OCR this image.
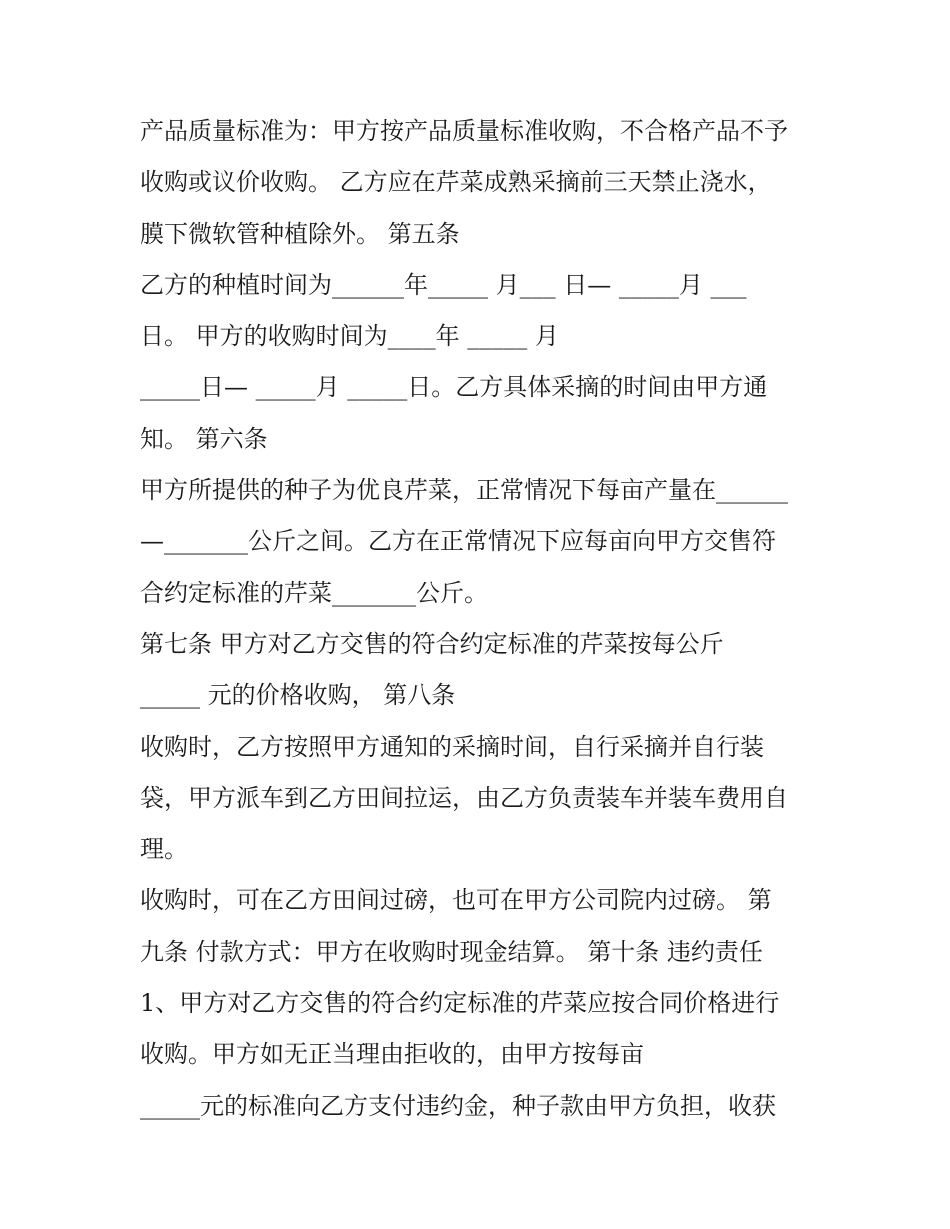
产品质量标准为：甲方按产品质量标准收购，不合格产品不予
收购或议价收购。 乙方应在芹菜成熟采摘前三天禁止浇水，
膜下微软管种植除外。 第五条
乙方的种植时间为______年_____ 月___ 日— _____月 ___
日。 甲方的收购时间为____年 _____ 月
_____日— _____月 _____日。乙方具体采摘的时间由甲方通
知。 第六条
甲方所提供的种子为优良芹菜，正常情况下每亩产量在______
—_______公斤之间。乙方在正常情况下应每亩向甲方交售符
合约定标准的芹菜_______公斤。
第七条 甲方对乙方交售的符合约定标准的芹菜按每公斤
_____ 元的价格收购， 第八条
收购时，乙方按照甲方通知的采摘时间，自行采摘并自行装
袋，甲方派车到乙方田间拉运，由乙方负责装车并装车费用自
理。
收购时，可在乙方田间过磅，也可在甲方公司院内过磅。 第
九条 付款方式：甲方在收购时现金结算。 第十条 违约责任
1、甲方对乙方交售的符合约定标准的芹菜应按合同价格进行
收购。甲方如无正当理由拒收的，由甲方按每亩
_____元的标准向乙方支付违约金，种子款由甲方负担，收获
